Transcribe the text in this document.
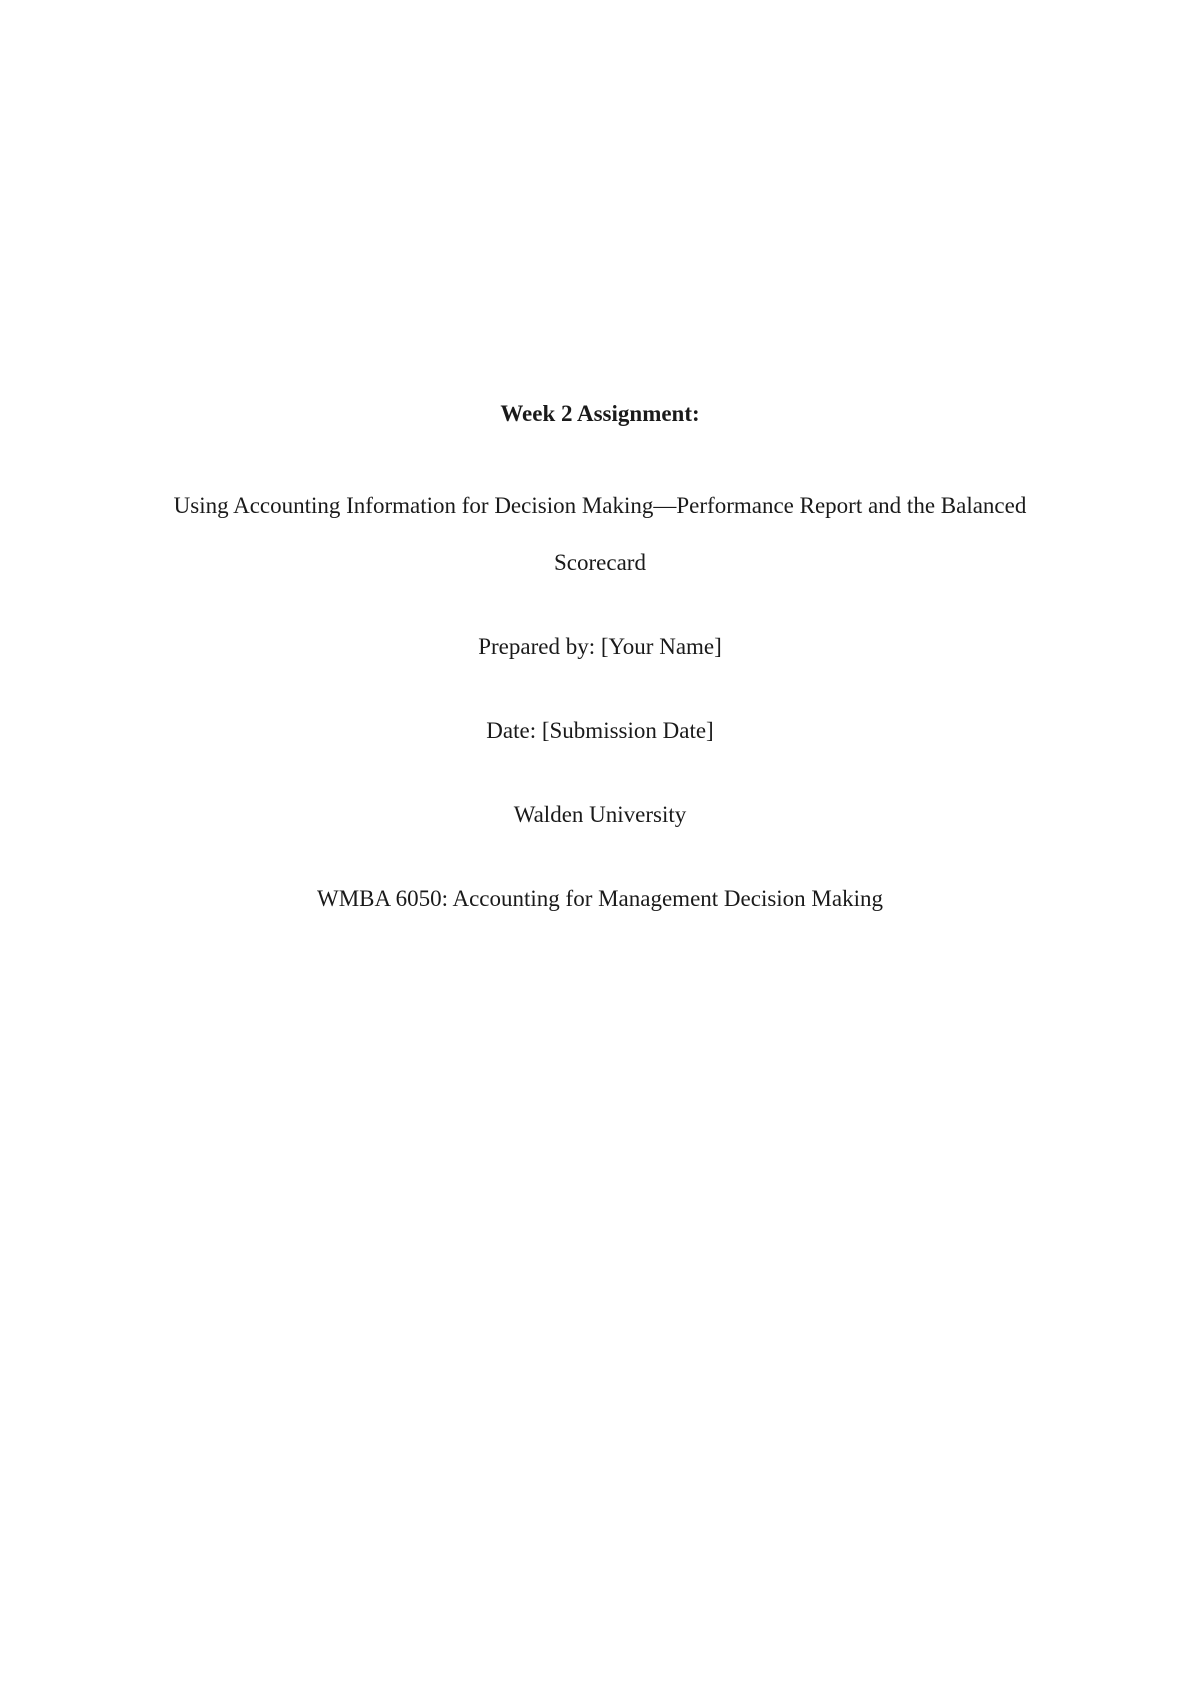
Week 2 Assignment:

Using Accounting Information for Decision Making—Performance Report and the Balanced Scorecard

Prepared by: [Your Name]

Date: [Submission Date]

Walden University

WMBA 6050: Accounting for Management Decision Making
